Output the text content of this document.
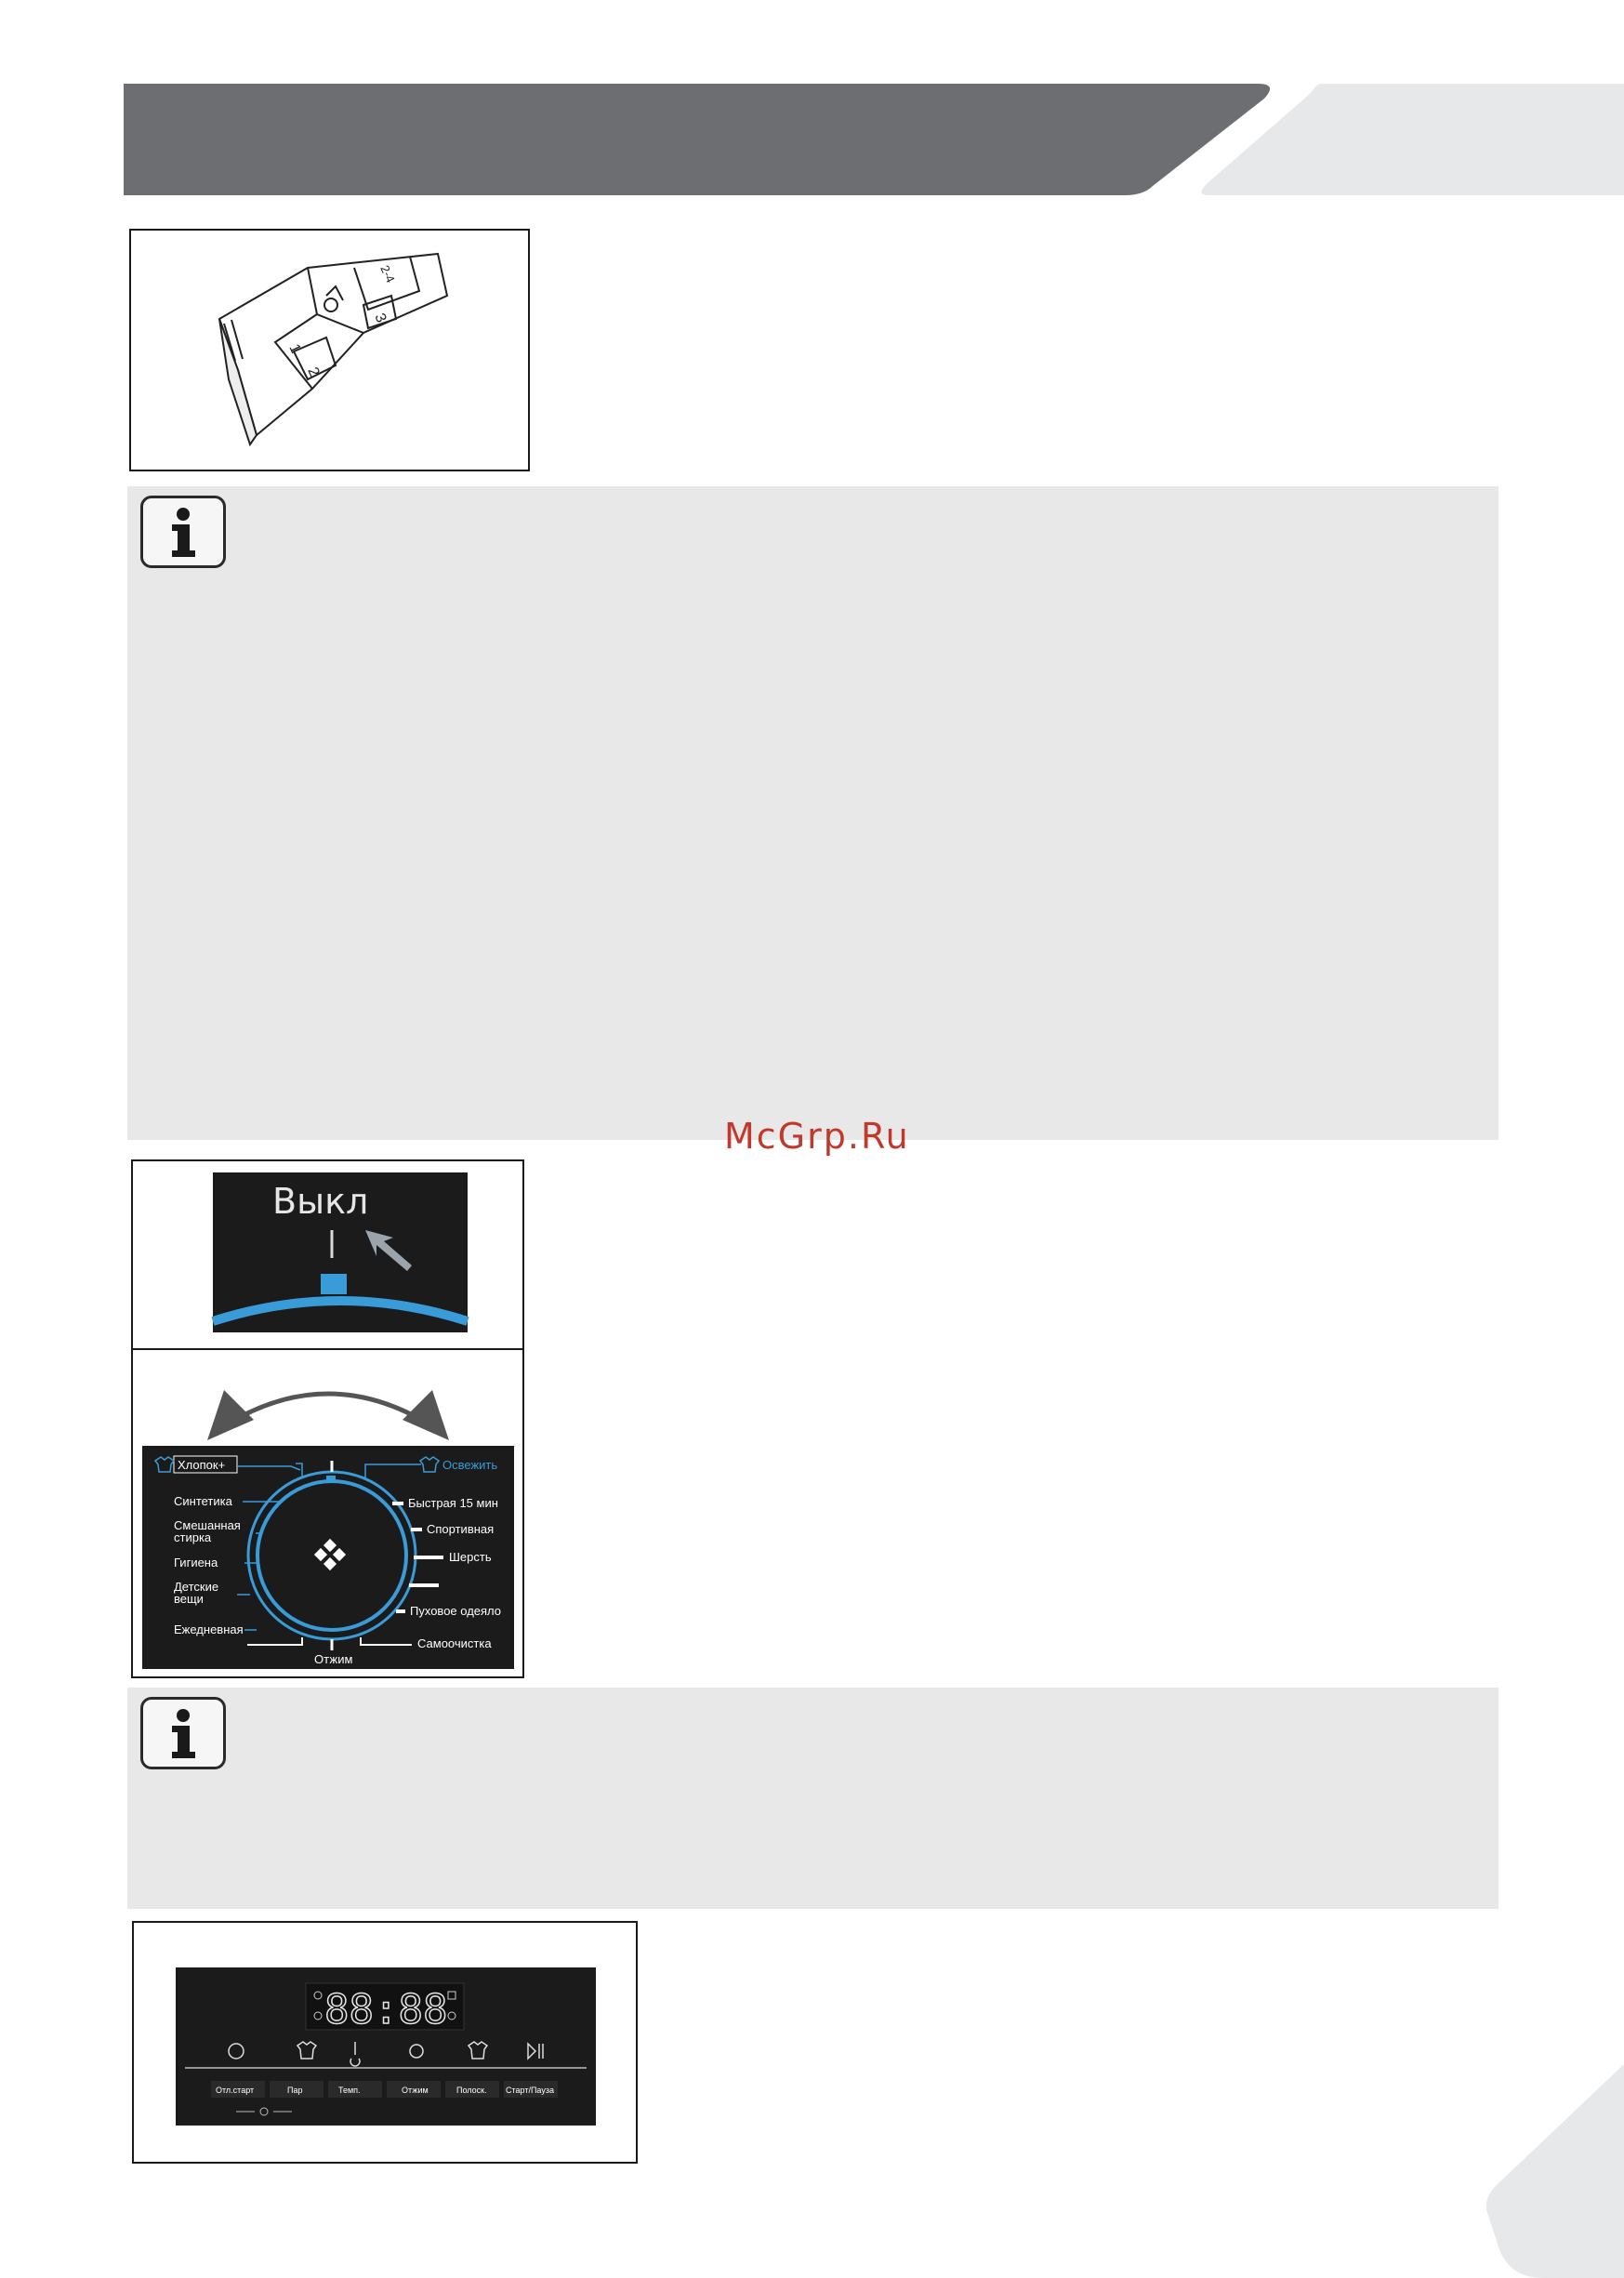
1
2
3
2-4
McGrp.Ru
Выкл
Хлопок+
Синтетика
Смешанная
стирка
Гигиена
Детские
вещи
Ежедневная
Освежить
Быстрая 15 мин
Спортивная
Шерсть
Пуховое одеяло
Самоочистка
Отжим
88:88
Отл.старт	Пар	Темп.	Отжим	Полоск. Старт/Пауза
